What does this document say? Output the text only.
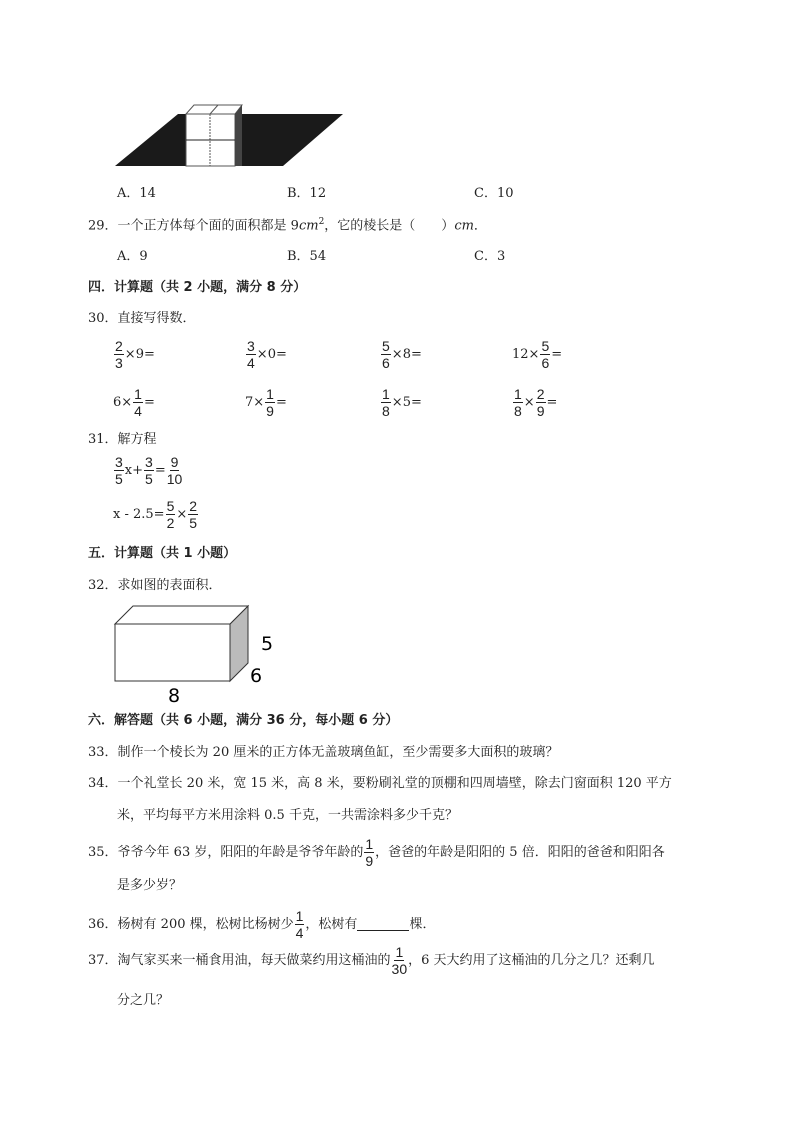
A．14	B．12	C．10
29．一个正方体每个面的面积都是 $9cm^2$，它的棱长是（　　）cm．
A．9	B．54	C．3
四．计算题（共 2 小题，满分 8 分）
30．直接写得数．
$\frac{2}{3} \times 9=$	$\frac{3}{4} \times 0=$	$\frac{5}{6} \times 8=$	$12\times \frac{5}{6}$ =
$6\times \frac{1}{4}$ =	$7\times \frac{1}{9}$ =	$\frac{1}{8} \times 5=$	$\frac{1}{8} \times \frac{2}{9}$ =
31．解方程
$\frac{3}{5} x+ \frac{3}{5} = \frac{9}{10}$
$x - 2.5= \frac{5}{2} \times \frac{2}{5}$
五．计算题（共 1 小题）
32．求如图的表面积．
5
6
8
六．解答题（共 6 小题，满分 36 分，每小题 6 分）
33．制作一个棱长为 20 厘米的正方体无盖玻璃鱼缸，至少需要多大面积的玻璃？
34．一个礼堂长 20 米，宽 15 米，高 8 米，要粉刷礼堂的顶棚和四周墙壁，除去门窗面积 120 平方
米，平均每平方米用涂料 0.5 千克，一共需涂料多少千克？
35．爷爷今年 63 岁，阳阳的年龄是爷爷年龄的 $\frac{1}{9}$ ，爸爸的年龄是阳阳的 5 倍．阳阳的爸爸和阳阳各
是多少岁？
36．杨树有 200 棵，松树比杨树少 $\frac{1}{4}$ ，松树有	棵．
37．淘气家买来一桶食用油，每天做菜约用这桶油的 $\frac{1}{30}$ ，6 天大约用了这桶油的几分之几？还剩几
分之几？
